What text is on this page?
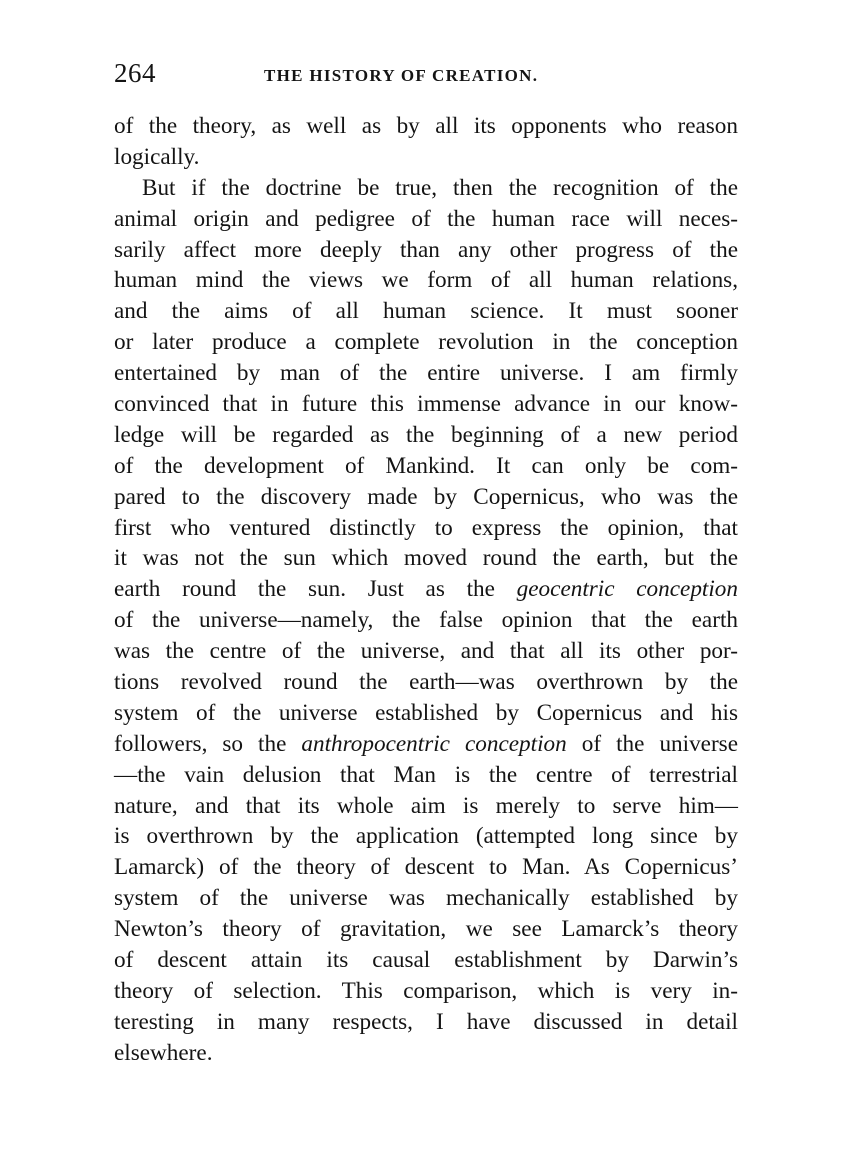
264	THE HISTORY OF CREATION.
of the theory, as well as by all its opponents who reason
logically.
But if the doctrine be true, then the recognition of the
animal origin and pedigree of the human race will neces-
sarily affect more deeply than any other progress of the
human mind the views we form of all human relations,
and the aims of all human science. It must sooner
or later produce a complete revolution in the conception
entertained by man of the entire universe. I am firmly
convinced that in future this immense advance in our know-
ledge will be regarded as the beginning of a new period
of the development of Mankind. It can only be com-
pared to the discovery made by Copernicus, who was the
first who ventured distinctly to express the opinion, that
it was not the sun which moved round the earth, but the
earth round the sun. Just as the geocentric conception
of the universe—namely, the false opinion that the earth
was the centre of the universe, and that all its other por-
tions revolved round the earth—was overthrown by the
system of the universe established by Copernicus and his
followers, so the anthropocentric conception of the universe
—the vain delusion that Man is the centre of terrestrial
nature, and that its whole aim is merely to serve him—
is overthrown by the application (attempted long since by
Lamarck) of the theory of descent to Man. As Copernicus’
system of the universe was mechanically established by
Newton’s theory of gravitation, we see Lamarck’s theory
of descent attain its causal establishment by Darwin’s
theory of selection. This comparison, which is very in-
teresting in many respects, I have discussed in detail
elsewhere.
